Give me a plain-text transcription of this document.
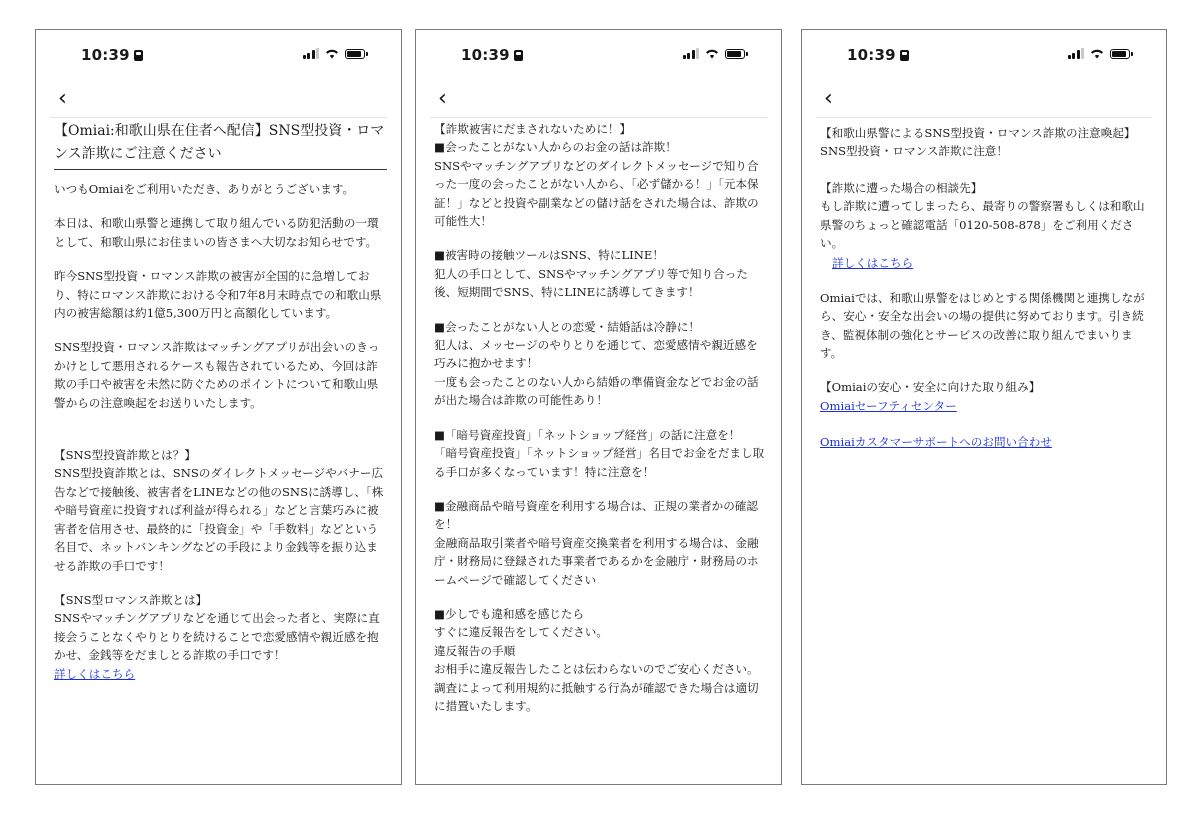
10:39
‹

【Omiai:和歌山県在住者へ配信】SNS型投資・ロマンス詐欺にご注意ください

いつもOmiaiをご利用いただき、ありがとうございます。

本日は、和歌山県警と連携して取り組んでいる防犯活動の一環として、和歌山県にお住まいの皆さまへ大切なお知らせです。

昨今SNS型投資・ロマンス詐欺の被害が全国的に急増しており、特にロマンス詐欺における令和7年8月末時点での和歌山県内の被害総額は約1億5,300万円と高額化しています。

SNS型投資・ロマンス詐欺はマッチングアプリが出会いのきっかけとして悪用されるケースも報告されているため、今回は詐欺の手口や被害を未然に防ぐためのポイントについて和歌山県警からの注意喚起をお送りいたします。

【SNS型投資詐欺とは？】

SNS型投資詐欺とは、SNSのダイレクトメッセージやバナー広告などで接触後、被害者をLINEなどの他のSNSに誘導し、「株や暗号資産に投資すれば利益が得られる」などと言葉巧みに被害者を信用させ、最終的に「投資金」や「手数料」などという名目で、ネットバンキングなどの手段により金銭等を振り込ませる詐欺の手口です！

【SNS型ロマンス詐欺とは】
SNSやマッチングアプリなどを通じて出会った者と、実際に直接会うことなくやりとりを続けることで恋愛感情や親近感を抱かせ、金銭等をだましとる詐欺の手口です！
詳しくはこちら
10:39
‹
【詐欺被害にだまされないために！】
■会ったことがない人からのお金の話は詐欺！

SNSやマッチングアプリなどのダイレクトメッセージで知り合った一度の会ったことがない人から、「必ず儲かる！」「元本保証！」などと投資や副業などの儲け話をされた場合は、詐欺の可能性大！

■被害時の接触ツールはSNS、特にLINE！

犯人の手口として、SNSやマッチングアプリ等で知り合った後、短期間でSNS、特にLINEに誘導してきます！

■会ったことがない人との恋愛・結婚話は冷静に！
犯人は、メッセージのやりとりを通じて、恋愛感情や親近感を巧みに抱かせます！

一度も会ったことのない人から結婚の準備資金などでお金の話が出た場合は詐欺の可能性あり！

■「暗号資産投資」「ネットショップ経営」の話に注意を！

「暗号資産投資」「ネットショップ経営」名目でお金をだまし取る手口が多くなっています！特に注意を！

■金融商品や暗号資産を利用する場合は、正規の業者かの確認を！

金融商品取引業者や暗号資産交換業者を利用する場合は、金融庁・財務局に登録された事業者であるかを金融庁・財務局のホームページで確認してください

■少しでも違和感を感じたら
すぐに違反報告をしてください。
違反報告の手順
お相手に違反報告したことは伝わらないのでご安心ください。
調査によって利用規約に抵触する行為が確認できた場合は適切に措置いたします。
10:39
‹
【和歌山県警によるSNS型投資・ロマンス詐欺の注意喚起】

SNS型投資・ロマンス詐欺に注意！

【詐欺に遭った場合の相談先】
もし詐欺に遭ってしまったら、最寄りの警察署もしくは和歌山県警のちょっと確認電話「0120-508-878」をご利用ください。

詳しくはこちら

Omiaiでは、和歌山県警をはじめとする関係機関と連携しながら、安心・安全な出会いの場の提供に努めております。引き続き、監視体制の強化とサービスの改善に取り組んでまいります。

【Omiaiの安心・安全に向けた取り組み】

Omiaiセーフティセンター

Omiaiカスタマーサポートへのお問い合わせ
